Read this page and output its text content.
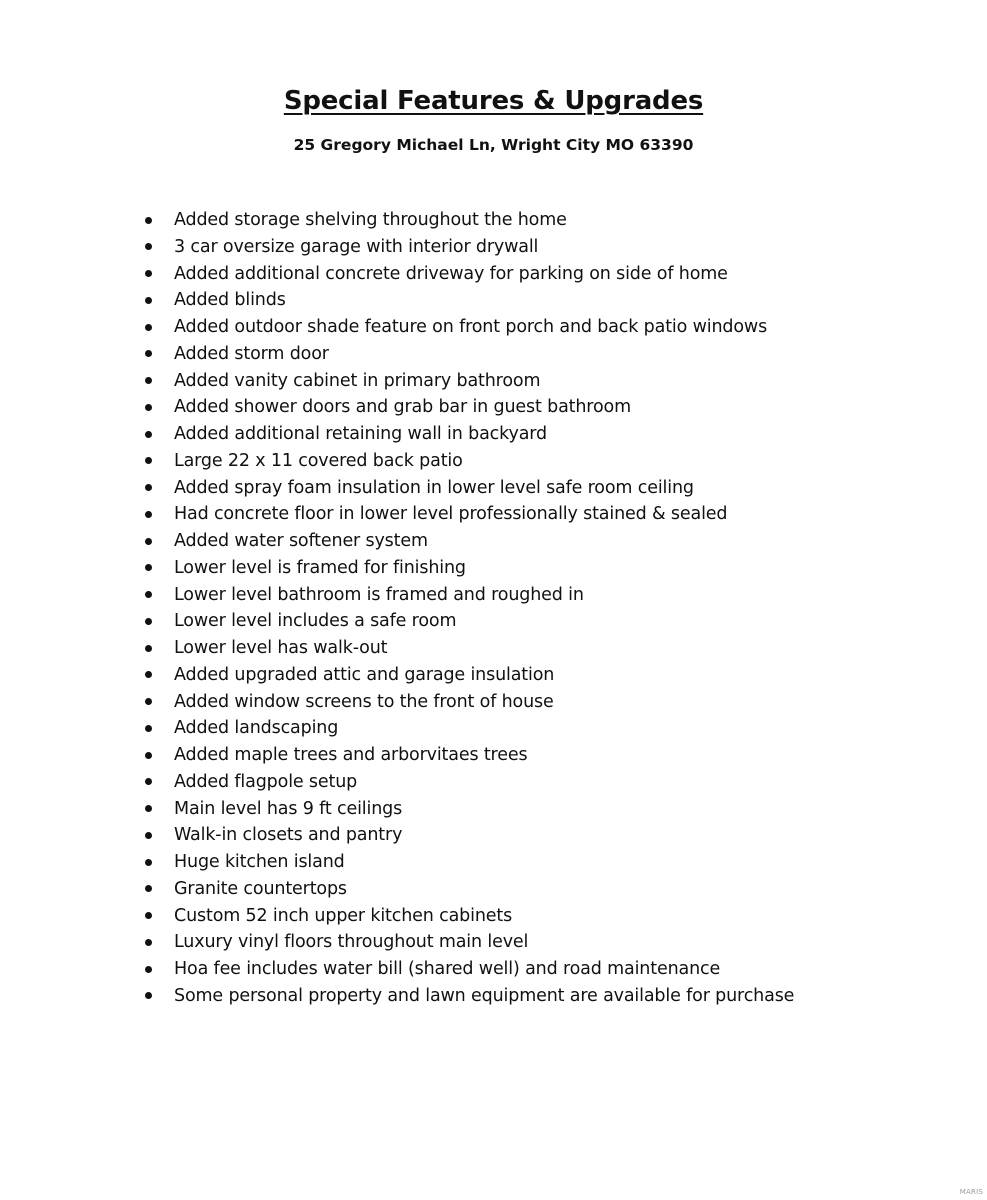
Special Features & Upgrades

25 Gregory Michael Ln, Wright City MO 63390

Added storage shelving throughout the home
3 car oversize garage with interior drywall
Added additional concrete driveway for parking on side of home
Added blinds
Added outdoor shade feature on front porch and back patio windows
Added storm door
Added vanity cabinet in primary bathroom
Added shower doors and grab bar in guest bathroom
Added additional retaining wall in backyard
Large 22 x 11 covered back patio
Added spray foam insulation in lower level safe room ceiling
Had concrete floor in lower level professionally stained & sealed
Added water softener system
Lower level is framed for finishing
Lower level bathroom is framed and roughed in
Lower level includes a safe room
Lower level has walk-out
Added upgraded attic and garage insulation
Added window screens to the front of house
Added landscaping
Added maple trees and arborvitaes trees
Added flagpole setup
Main level has 9 ft ceilings
Walk-in closets and pantry
Huge kitchen island
Granite countertops
Custom 52 inch upper kitchen cabinets
Luxury vinyl floors throughout main level
Hoa fee includes water bill (shared well) and road maintenance
Some personal property and lawn equipment are available for purchase
MARIS
